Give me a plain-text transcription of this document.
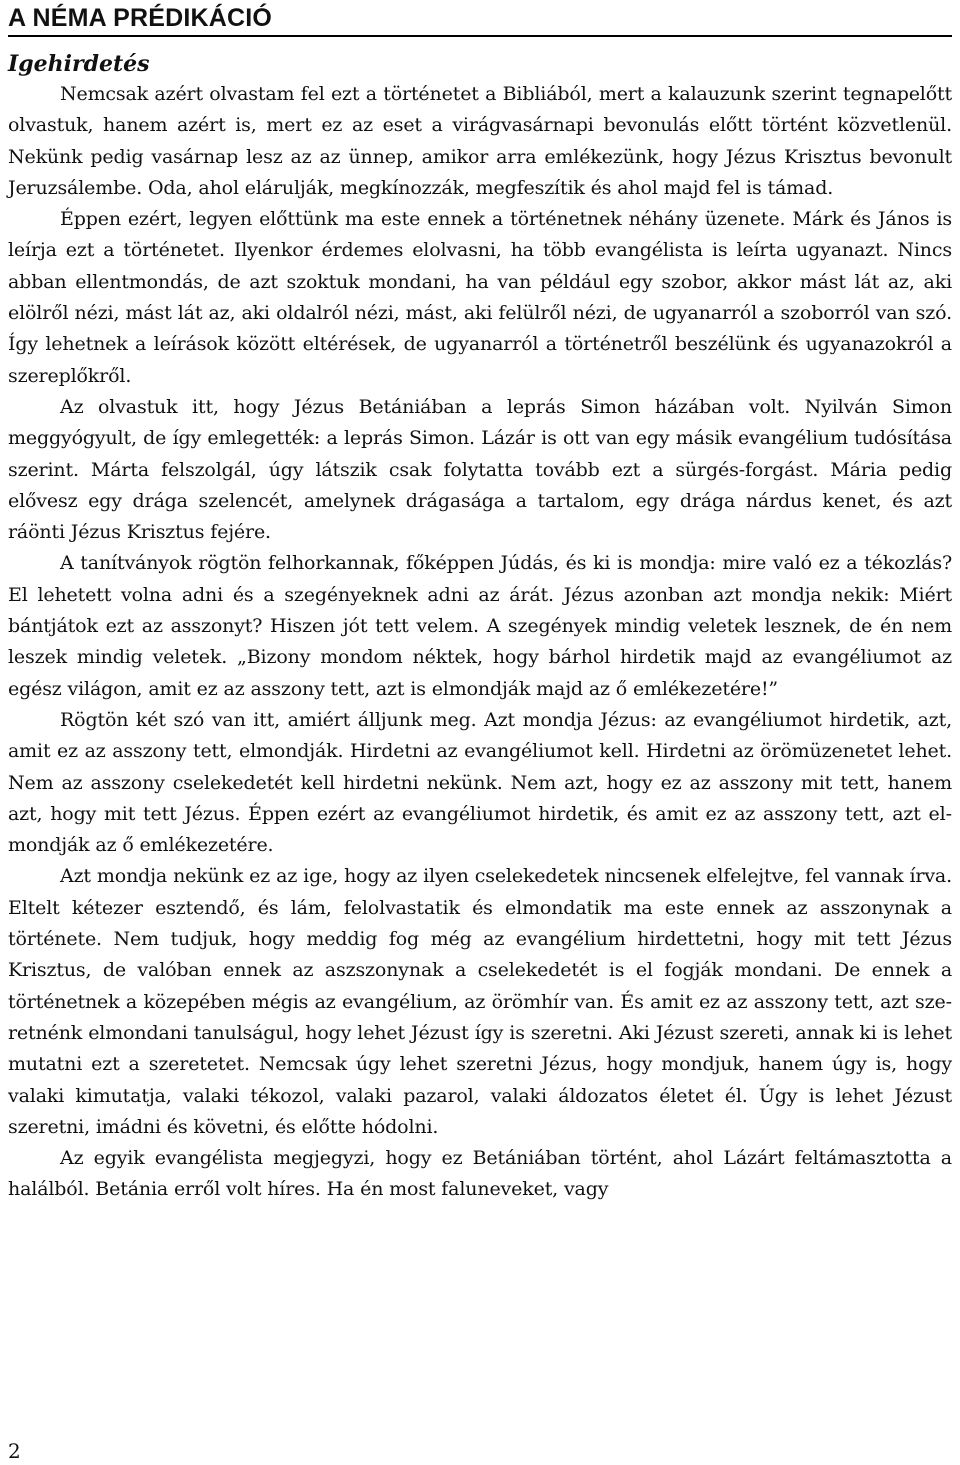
A NÉMA PRÉDIKÁCIÓ
Igehirdetés

Nemcsak azért olvastam fel ezt a történetet a Bibliából, mert a kalauzunk szerint tegnapelőtt olvastuk, hanem azért is, mert ez az eset a virágvasárnapi bevonulás előtt történt közvetlenül. Nekünk pedig vasárnap lesz az az ünnep, amikor arra emlékezünk, hogy Jézus Krisztus bevonult Jeruzsálembe. Oda, ahol elárulják, megkínozzák, megfeszítik és ahol majd fel is támad.

Éppen ezért, legyen előttünk ma este ennek a történetnek néhány üzenete. Márk és János is leírja ezt a történetet. Ilyenkor érdemes elolvasni, ha több evangélista is leírta ugyanazt. Nincs abban ellentmondás, de azt szoktuk mondani, ha van például egy szobor, akkor mást lát az, aki elölről nézi, mást lát az, aki oldalról nézi, mást, aki felülről nézi, de ugyanarról a szoborról van szó. Így lehetnek a leírások között eltérések, de ugyanarról a történetről beszélünk és ugyanazokról a szereplőkről.

Az olvastuk itt, hogy Jézus Betániában a leprás Simon házában volt. Nyilván Simon meggyógyult, de így emlegették: a leprás Simon. Lázár is ott van egy másik evangélium tudósítása szerint. Márta felszolgál, úgy látszik csak folytatta tovább ezt a sürgés-forgást. Mária pedig elővesz egy drága szelencét, amelynek drágasága a tartalom, egy drága nárdus kenet, és azt ráönti Jézus Krisztus fejére.

A tanítványok rögtön felhorkannak, főképpen Júdás, és ki is mondja: mire való ez a tékozlás? El lehetett volna adni és a szegényeknek adni az árát. Jézus azonban azt mondja nekik: Miért bántjátok ezt az asszonyt? Hiszen jót tett velem. A szegények mindig veletek lesznek, de én nem leszek mindig veletek. „Bizony mondom néktek, hogy bárhol hirdetik majd az evangéliumot az egész világon, amit ez az asszony tett, azt is elmondják majd az ő emlékezetére!”

Rögtön két szó van itt, amiért álljunk meg. Azt mondja Jézus: az evangéliumot hirdetik, azt, amit ez az asszony tett, elmondják. Hirdetni az evangéliumot kell. Hirdetni az örömüzenetet lehet. Nem az asszony cselekedetét kell hirdetni nekünk. Nem azt, hogy ez az asszony mit tett, hanem azt, hogy mit tett Jézus. Éppen ezért az evangéliumot hirdetik, és amit ez az asszony tett, azt elmondják az ő emlékezetére.

Azt mondja nekünk ez az ige, hogy az ilyen cselekedetek nincsenek elfelejtve, fel vannak írva. Eltelt kétezer esztendő, és lám, felolvastatik és elmondatik ma este ennek az asszonynak a története. Nem tudjuk, hogy meddig fog még az evangélium hirdettetni, hogy mit tett Jézus Krisztus, de valóban ennek az aszszonynak a cselekedetét is el fogják mondani. De ennek a történetnek a közepében mégis az evangélium, az örömhír van. És amit ez az asszony tett, azt szeretnénk elmondani tanulságul, hogy lehet Jézust így is szeretni. Aki Jézust szereti, annak ki is lehet mutatni ezt a szeretetet. Nemcsak úgy lehet szeretni Jézus, hogy mondjuk, hanem úgy is, hogy valaki kimutatja, valaki tékozol, valaki pazarol, valaki áldozatos életet él. Úgy is lehet Jézust szeretni, imádni és követni, és előtte hódolni.

Az egyik evangélista megjegyzi, hogy ez Betániában történt, ahol Lázárt feltámasztotta a halálból. Betánia erről volt híres. Ha én most faluneveket, vagy

2
